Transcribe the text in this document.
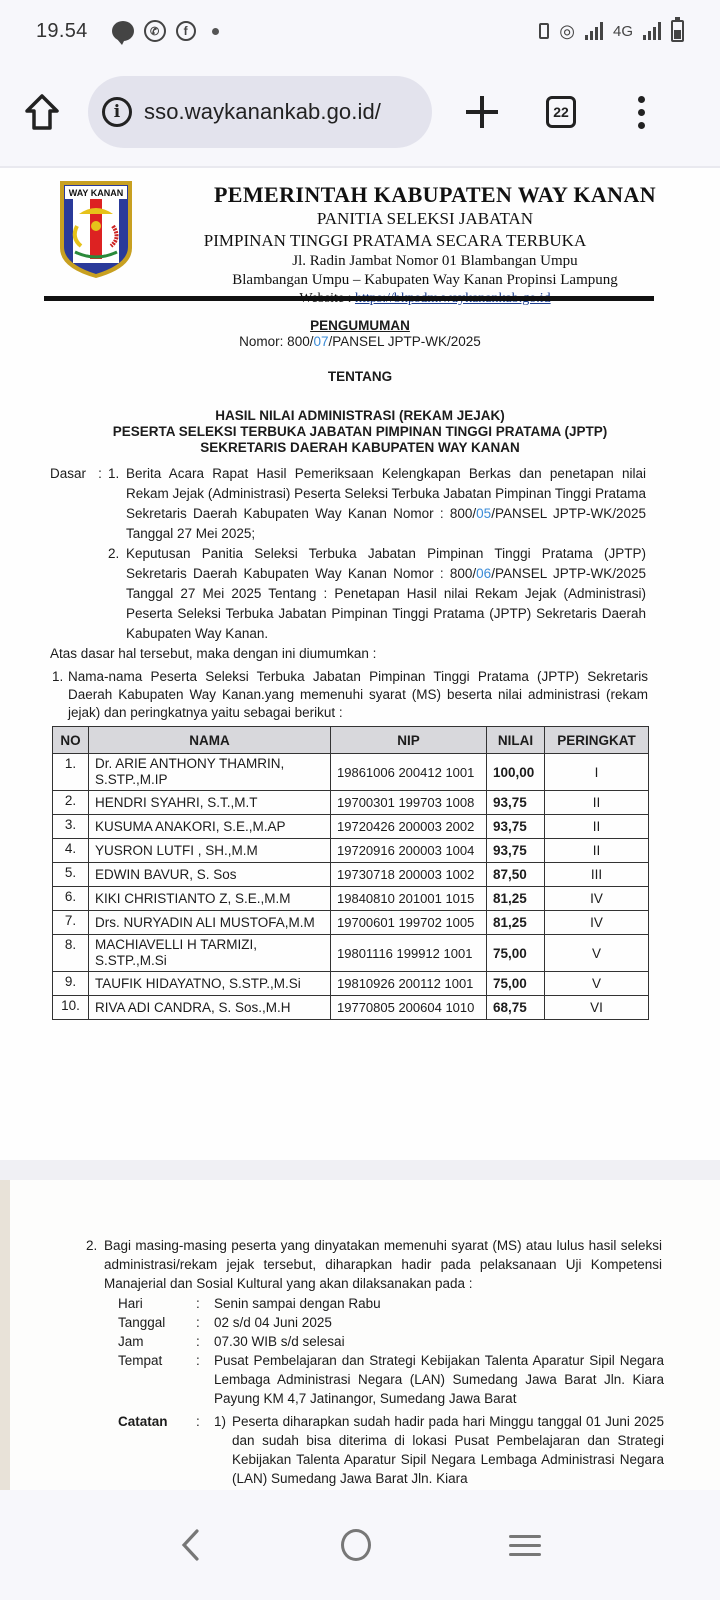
19.54	✆	f	◎	4G
i	sso.waykanankab.go.id/	22
WAY KANAN	PEMERINTAH KABUPATEN WAY KANAN
PANITIA SELEKSI JABATAN
PIMPINAN TINGGI PRATAMA SECARA TERBUKA
Jl. Radin Jambat Nomor 01 Blambangan Umpu
Blambangan Umpu – Kabupaten Way Kanan Propinsi Lampung
PENGUMUMAN
Nomor: 800/07/PANSEL JPTP-WK/2025
TENTANG
HASIL NILAI ADMINISTRASI (REKAM JEJAK)
PESERTA SELEKSI TERBUKA JABATAN PIMPINAN TINGGI PRATAMA (JPTP)
SEKRETARIS DAERAH KABUPATEN WAY KANAN
Dasar : 1. Berita Acara Rapat Hasil Pemeriksaan Kelengkapan Berkas dan penetapan nilai Rekam Jejak (Administrasi) Peserta Seleksi Terbuka Jabatan Pimpinan Tinggi Pratama Sekretaris Daerah Kabupaten Way Kanan Nomor : 800/05/PANSEL JPTP-WK/2025 Tanggal 27 Mei 2025;
2. Keputusan Panitia Seleksi Terbuka Jabatan Pimpinan Tinggi Pratama (JPTP) Sekretaris Daerah Kabupaten Way Kanan Nomor : 800/06/PANSEL JPTP-WK/2025 Tanggal 27 Mei 2025 Tentang : Penetapan Hasil nilai Rekam Jejak (Administrasi) Peserta Seleksi Terbuka Jabatan Pimpinan Tinggi Pratama (JPTP) Sekretaris Daerah Kabupaten Way Kanan.
Atas dasar hal tersebut, maka dengan ini diumumkan :
1. Nama-nama Peserta Seleksi Terbuka Jabatan Pimpinan Tinggi Pratama (JPTP) Sekretaris Daerah Kabupaten Way Kanan.yang memenuhi syarat (MS) beserta nilai administrasi (rekam jejak) dan peringkatnya yaitu sebagai berikut :
NO	NAMA	NIP	NILAI	PERINGKAT
1.	Dr. ARIE ANTHONY THAMRIN, S.STP.,M.IP	19861006 200412 1001	100,00	I
2.	HENDRI SYAHRI, S.T.,M.T	19700301 199703 1008	93,75	II
3.	KUSUMA ANAKORI, S.E.,M.AP	19720426 200003 2002	93,75	II
4.	YUSRON LUTFI , SH.,M.M	19720916 200003 1004	93,75	II
5.	EDWIN BAVUR, S. Sos	19730718 200003 1002	87,50	III
6.	KIKI CHRISTIANTO Z, S.E.,M.M	19840810 201001 1015	81,25	IV
7.	Drs. NURYADIN ALI MUSTOFA,M.M	19700601 199702 1005	81,25	IV
8.	MACHIAVELLI H TARMIZI, S.STP.,M.Si	19801116 199912 1001	75,00	V
9.	TAUFIK HIDAYATNO, S.STP.,M.Si	19810926 200112 1001	75,00	V
10.	RIVA ADI CANDRA, S. Sos.,M.H	19770805 200604 1010	68,75	VI
2. Bagi masing-masing peserta yang dinyatakan memenuhi syarat (MS) atau lulus hasil seleksi administrasi/rekam jejak tersebut, diharapkan hadir pada pelaksanaan Uji Kompetensi Manajerial dan Sosial Kultural yang akan dilaksanakan pada :
Hari	:	Senin sampai dengan Rabu
Tanggal	:	02 s/d 04 Juni 2025
Jam	:	07.30 WIB s/d selesai
Tempat	:	Pusat Pembelajaran dan Strategi Kebijakan Talenta Aparatur Sipil Negara Lembaga Administrasi Negara (LAN) Sumedang Jawa Barat Jln. Kiara Payung KM 4,7 Jatinangor, Sumedang Jawa Barat
Catatan	:	1) Peserta diharapkan sudah hadir pada hari Minggu tanggal 01 Juni 2025 dan sudah bisa diterima di lokasi Pusat Pembelajaran dan Strategi Kebijakan Talenta Aparatur Sipil Negara Lembaga Administrasi Negara (LAN) Sumedang Jawa Barat Jln. Kiara
